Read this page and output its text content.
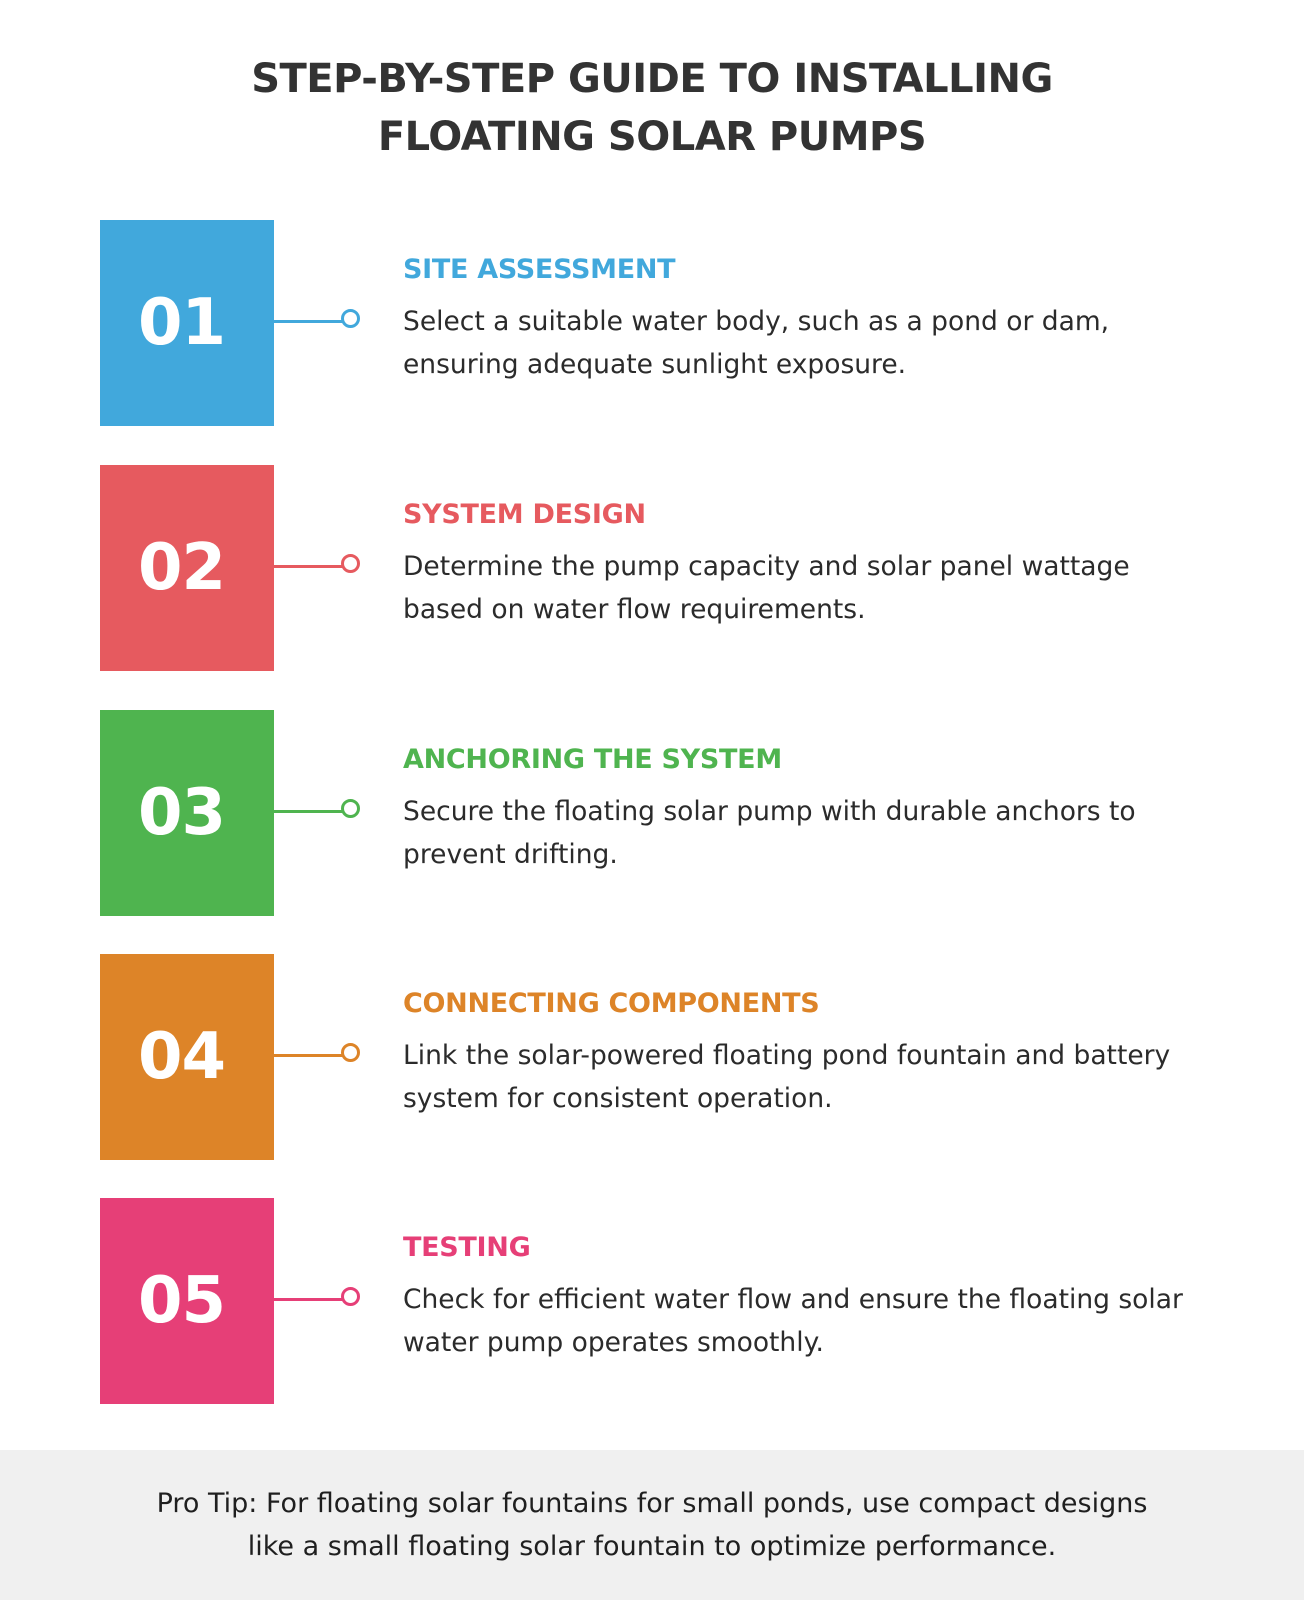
STEP-BY-STEP GUIDE TO INSTALLING
FLOATING SOLAR PUMPS
01
SITE ASSESSMENT
Select a suitable water body, such as a pond or dam, ensuring adequate sunlight exposure.
02
SYSTEM DESIGN
Determine the pump capacity and solar panel wattage based on water flow requirements.
03
ANCHORING THE SYSTEM
Secure the floating solar pump with durable anchors to prevent drifting.
04
CONNECTING COMPONENTS
Link the solar-powered floating pond fountain and battery system for consistent operation.
05
TESTING
Check for efficient water flow and ensure the floating solar water pump operates smoothly.
Pro Tip: For floating solar fountains for small ponds, use compact designs like a small floating solar fountain to optimize performance.
